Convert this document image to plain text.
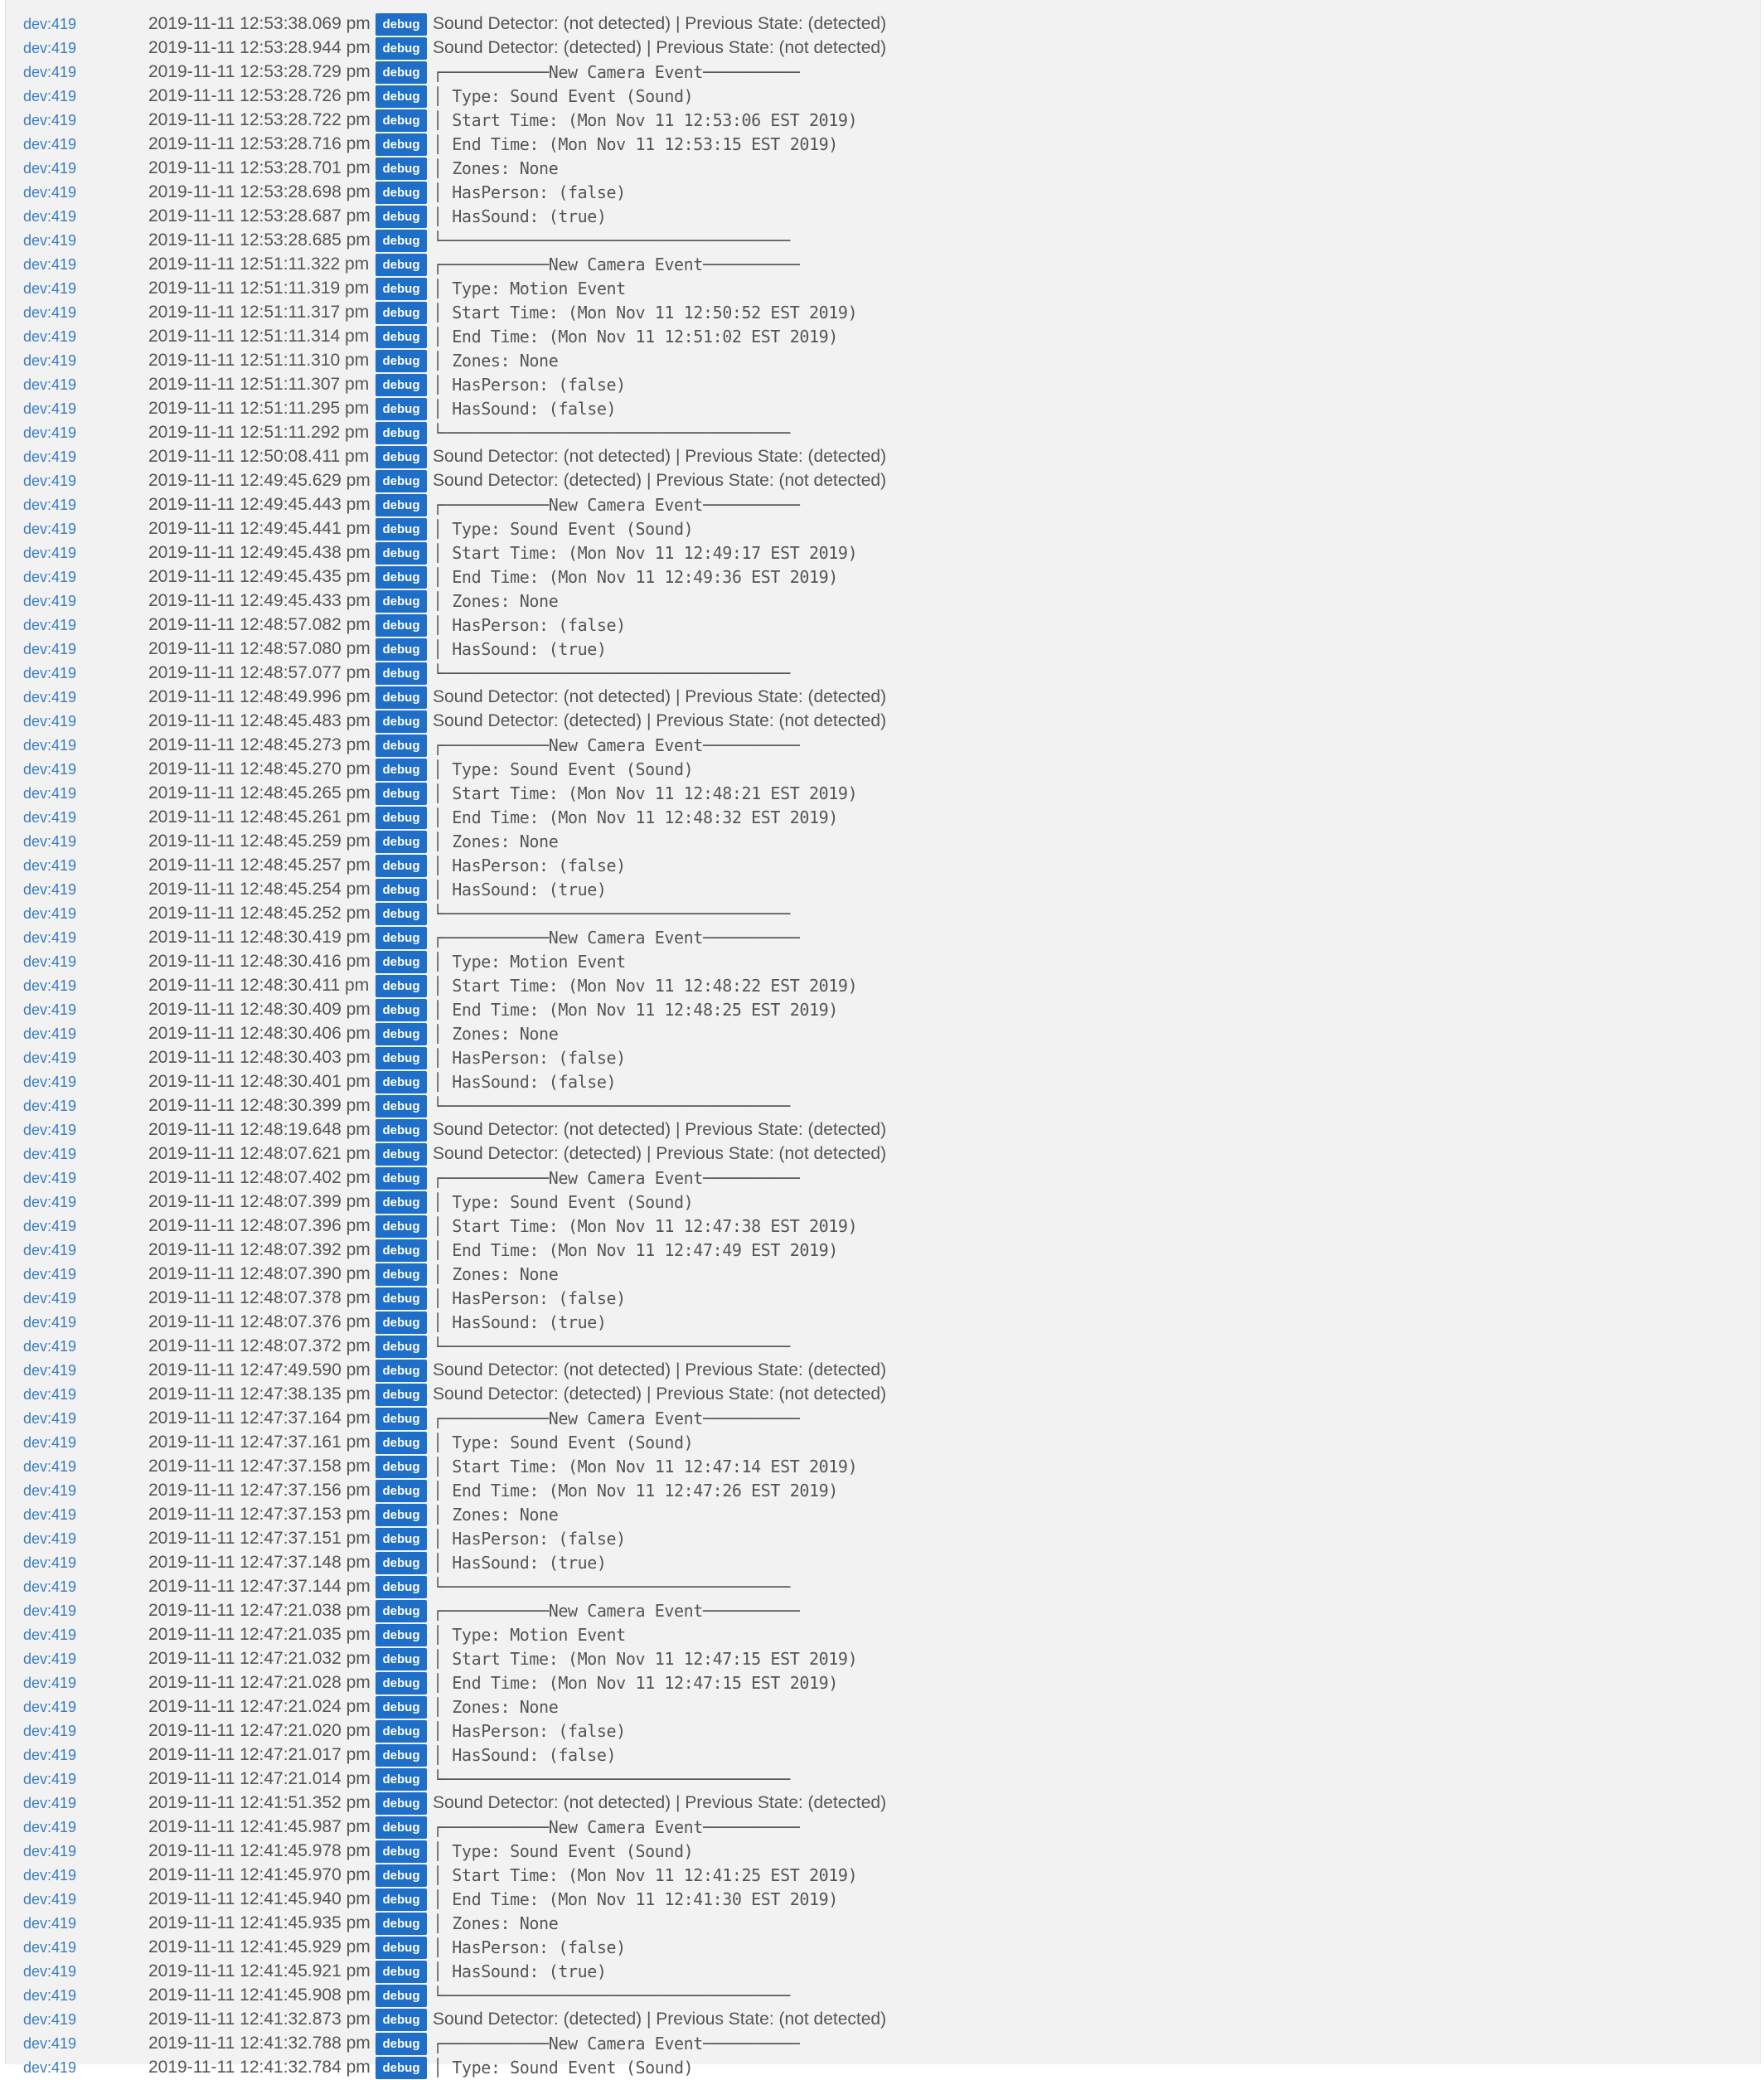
dev:419	2019-11-11 12:53:38.069 pm debug Sound Detector: (not detected) | Previous State: (detected)
dev:419	2019-11-11 12:53:28.944 pm debug Sound Detector: (detected) | Previous State: (not detected)
dev:419	2019-11-11 12:53:28.729 pm debug ┌───────────New Camera Event──────────
dev:419	2019-11-11 12:53:28.726 pm debug │ Type: Sound Event (Sound)
dev:419	2019-11-11 12:53:28.722 pm debug │ Start Time: (Mon Nov 11 12:53:06 EST 2019)
dev:419	2019-11-11 12:53:28.716 pm debug │ End Time: (Mon Nov 11 12:53:15 EST 2019)
dev:419	2019-11-11 12:53:28.701 pm debug │ Zones: None
dev:419	2019-11-11 12:53:28.698 pm debug │ HasPerson: (false)
dev:419	2019-11-11 12:53:28.687 pm debug │ HasSound: (true)
dev:419	2019-11-11 12:53:28.685 pm debug └────────────────────────────────────
dev:419	2019-11-11 12:51:11.322 pm	debug ┌───────────New Camera Event──────────
dev:419	2019-11-11 12:51:11.319 pm	debug │ Type: Motion Event
dev:419	2019-11-11 12:51:11.317 pm	debug │ Start Time: (Mon Nov 11 12:50:52 EST 2019)
dev:419	2019-11-11 12:51:11.314 pm	debug │ End Time: (Mon Nov 11 12:51:02 EST 2019)
dev:419	2019-11-11 12:51:11.310 pm	debug │ Zones: None
dev:419	2019-11-11 12:51:11.307 pm	debug │ HasPerson: (false)
dev:419	2019-11-11 12:51:11.295 pm	debug │ HasSound: (false)
dev:419	2019-11-11 12:51:11.292 pm	debug └────────────────────────────────────
dev:419	2019-11-11 12:50:08.411 pm	debug Sound Detector: (not detected) | Previous State: (detected)
dev:419	2019-11-11 12:49:45.629 pm debug Sound Detector: (detected) | Previous State: (not detected)
dev:419	2019-11-11 12:49:45.443 pm debug ┌───────────New Camera Event──────────
dev:419	2019-11-11 12:49:45.441 pm debug │ Type: Sound Event (Sound)
dev:419	2019-11-11 12:49:45.438 pm debug │ Start Time: (Mon Nov 11 12:49:17 EST 2019)
dev:419	2019-11-11 12:49:45.435 pm debug │ End Time: (Mon Nov 11 12:49:36 EST 2019)
dev:419	2019-11-11 12:49:45.433 pm debug │ Zones: None
dev:419	2019-11-11 12:48:57.082 pm debug │ HasPerson: (false)
dev:419	2019-11-11 12:48:57.080 pm debug │ HasSound: (true)
dev:419	2019-11-11 12:48:57.077 pm debug └────────────────────────────────────
dev:419	2019-11-11 12:48:49.996 pm debug Sound Detector: (not detected) | Previous State: (detected)
dev:419	2019-11-11 12:48:45.483 pm debug Sound Detector: (detected) | Previous State: (not detected)
dev:419	2019-11-11 12:48:45.273 pm debug ┌───────────New Camera Event──────────
dev:419	2019-11-11 12:48:45.270 pm debug │ Type: Sound Event (Sound)
dev:419	2019-11-11 12:48:45.265 pm debug │ Start Time: (Mon Nov 11 12:48:21 EST 2019)
dev:419	2019-11-11 12:48:45.261 pm debug │ End Time: (Mon Nov 11 12:48:32 EST 2019)
dev:419	2019-11-11 12:48:45.259 pm debug │ Zones: None
dev:419	2019-11-11 12:48:45.257 pm debug │ HasPerson: (false)
dev:419	2019-11-11 12:48:45.254 pm debug │ HasSound: (true)
dev:419	2019-11-11 12:48:45.252 pm debug └────────────────────────────────────
dev:419	2019-11-11 12:48:30.419 pm debug ┌───────────New Camera Event──────────
dev:419	2019-11-11 12:48:30.416 pm debug │ Type: Motion Event
dev:419	2019-11-11 12:48:30.411 pm	debug │ Start Time: (Mon Nov 11 12:48:22 EST 2019)
dev:419	2019-11-11 12:48:30.409 pm debug │ End Time: (Mon Nov 11 12:48:25 EST 2019)
dev:419	2019-11-11 12:48:30.406 pm debug │ Zones: None
dev:419	2019-11-11 12:48:30.403 pm debug │ HasPerson: (false)
dev:419	2019-11-11 12:48:30.401 pm debug │ HasSound: (false)
dev:419	2019-11-11 12:48:30.399 pm debug └────────────────────────────────────
dev:419	2019-11-11 12:48:19.648 pm debug Sound Detector: (not detected) | Previous State: (detected)
dev:419	2019-11-11 12:48:07.621 pm debug Sound Detector: (detected) | Previous State: (not detected)
dev:419	2019-11-11 12:48:07.402 pm debug ┌───────────New Camera Event──────────
dev:419	2019-11-11 12:48:07.399 pm debug │ Type: Sound Event (Sound)
dev:419	2019-11-11 12:48:07.396 pm debug │ Start Time: (Mon Nov 11 12:47:38 EST 2019)
dev:419	2019-11-11 12:48:07.392 pm debug │ End Time: (Mon Nov 11 12:47:49 EST 2019)
dev:419	2019-11-11 12:48:07.390 pm debug │ Zones: None
dev:419	2019-11-11 12:48:07.378 pm debug │ HasPerson: (false)
dev:419	2019-11-11 12:48:07.376 pm debug │ HasSound: (true)
dev:419	2019-11-11 12:48:07.372 pm debug └────────────────────────────────────
dev:419	2019-11-11 12:47:49.590 pm debug Sound Detector: (not detected) | Previous State: (detected)
dev:419	2019-11-11 12:47:38.135 pm debug Sound Detector: (detected) | Previous State: (not detected)
dev:419	2019-11-11 12:47:37.164 pm debug ┌───────────New Camera Event──────────
dev:419	2019-11-11 12:47:37.161 pm debug │ Type: Sound Event (Sound)
dev:419	2019-11-11 12:47:37.158 pm debug │ Start Time: (Mon Nov 11 12:47:14 EST 2019)
dev:419	2019-11-11 12:47:37.156 pm debug │ End Time: (Mon Nov 11 12:47:26 EST 2019)
dev:419	2019-11-11 12:47:37.153 pm debug │ Zones: None
dev:419	2019-11-11 12:47:37.151 pm debug │ HasPerson: (false)
dev:419	2019-11-11 12:47:37.148 pm debug │ HasSound: (true)
dev:419	2019-11-11 12:47:37.144 pm debug └────────────────────────────────────
dev:419	2019-11-11 12:47:21.038 pm debug ┌───────────New Camera Event──────────
dev:419	2019-11-11 12:47:21.035 pm debug │ Type: Motion Event
dev:419	2019-11-11 12:47:21.032 pm debug │ Start Time: (Mon Nov 11 12:47:15 EST 2019)
dev:419	2019-11-11 12:47:21.028 pm debug │ End Time: (Mon Nov 11 12:47:15 EST 2019)
dev:419	2019-11-11 12:47:21.024 pm debug │ Zones: None
dev:419	2019-11-11 12:47:21.020 pm debug │ HasPerson: (false)
dev:419	2019-11-11 12:47:21.017 pm debug │ HasSound: (false)
dev:419	2019-11-11 12:47:21.014 pm debug └────────────────────────────────────
dev:419	2019-11-11 12:41:51.352 pm debug Sound Detector: (not detected) | Previous State: (detected)
dev:419	2019-11-11 12:41:45.987 pm debug ┌───────────New Camera Event──────────
dev:419	2019-11-11 12:41:45.978 pm debug │ Type: Sound Event (Sound)
dev:419	2019-11-11 12:41:45.970 pm debug │ Start Time: (Mon Nov 11 12:41:25 EST 2019)
dev:419	2019-11-11 12:41:45.940 pm debug │ End Time: (Mon Nov 11 12:41:30 EST 2019)
dev:419	2019-11-11 12:41:45.935 pm debug │ Zones: None
dev:419	2019-11-11 12:41:45.929 pm debug │ HasPerson: (false)
dev:419	2019-11-11 12:41:45.921 pm debug │ HasSound: (true)
dev:419	2019-11-11 12:41:45.908 pm debug └────────────────────────────────────
dev:419	2019-11-11 12:41:32.873 pm debug Sound Detector: (detected) | Previous State: (not detected)
dev:419	2019-11-11 12:41:32.788 pm debug ┌───────────New Camera Event──────────
dev:419	2019-11-11 12:41:32.784 pm debug │ Type: Sound Event (Sound)
